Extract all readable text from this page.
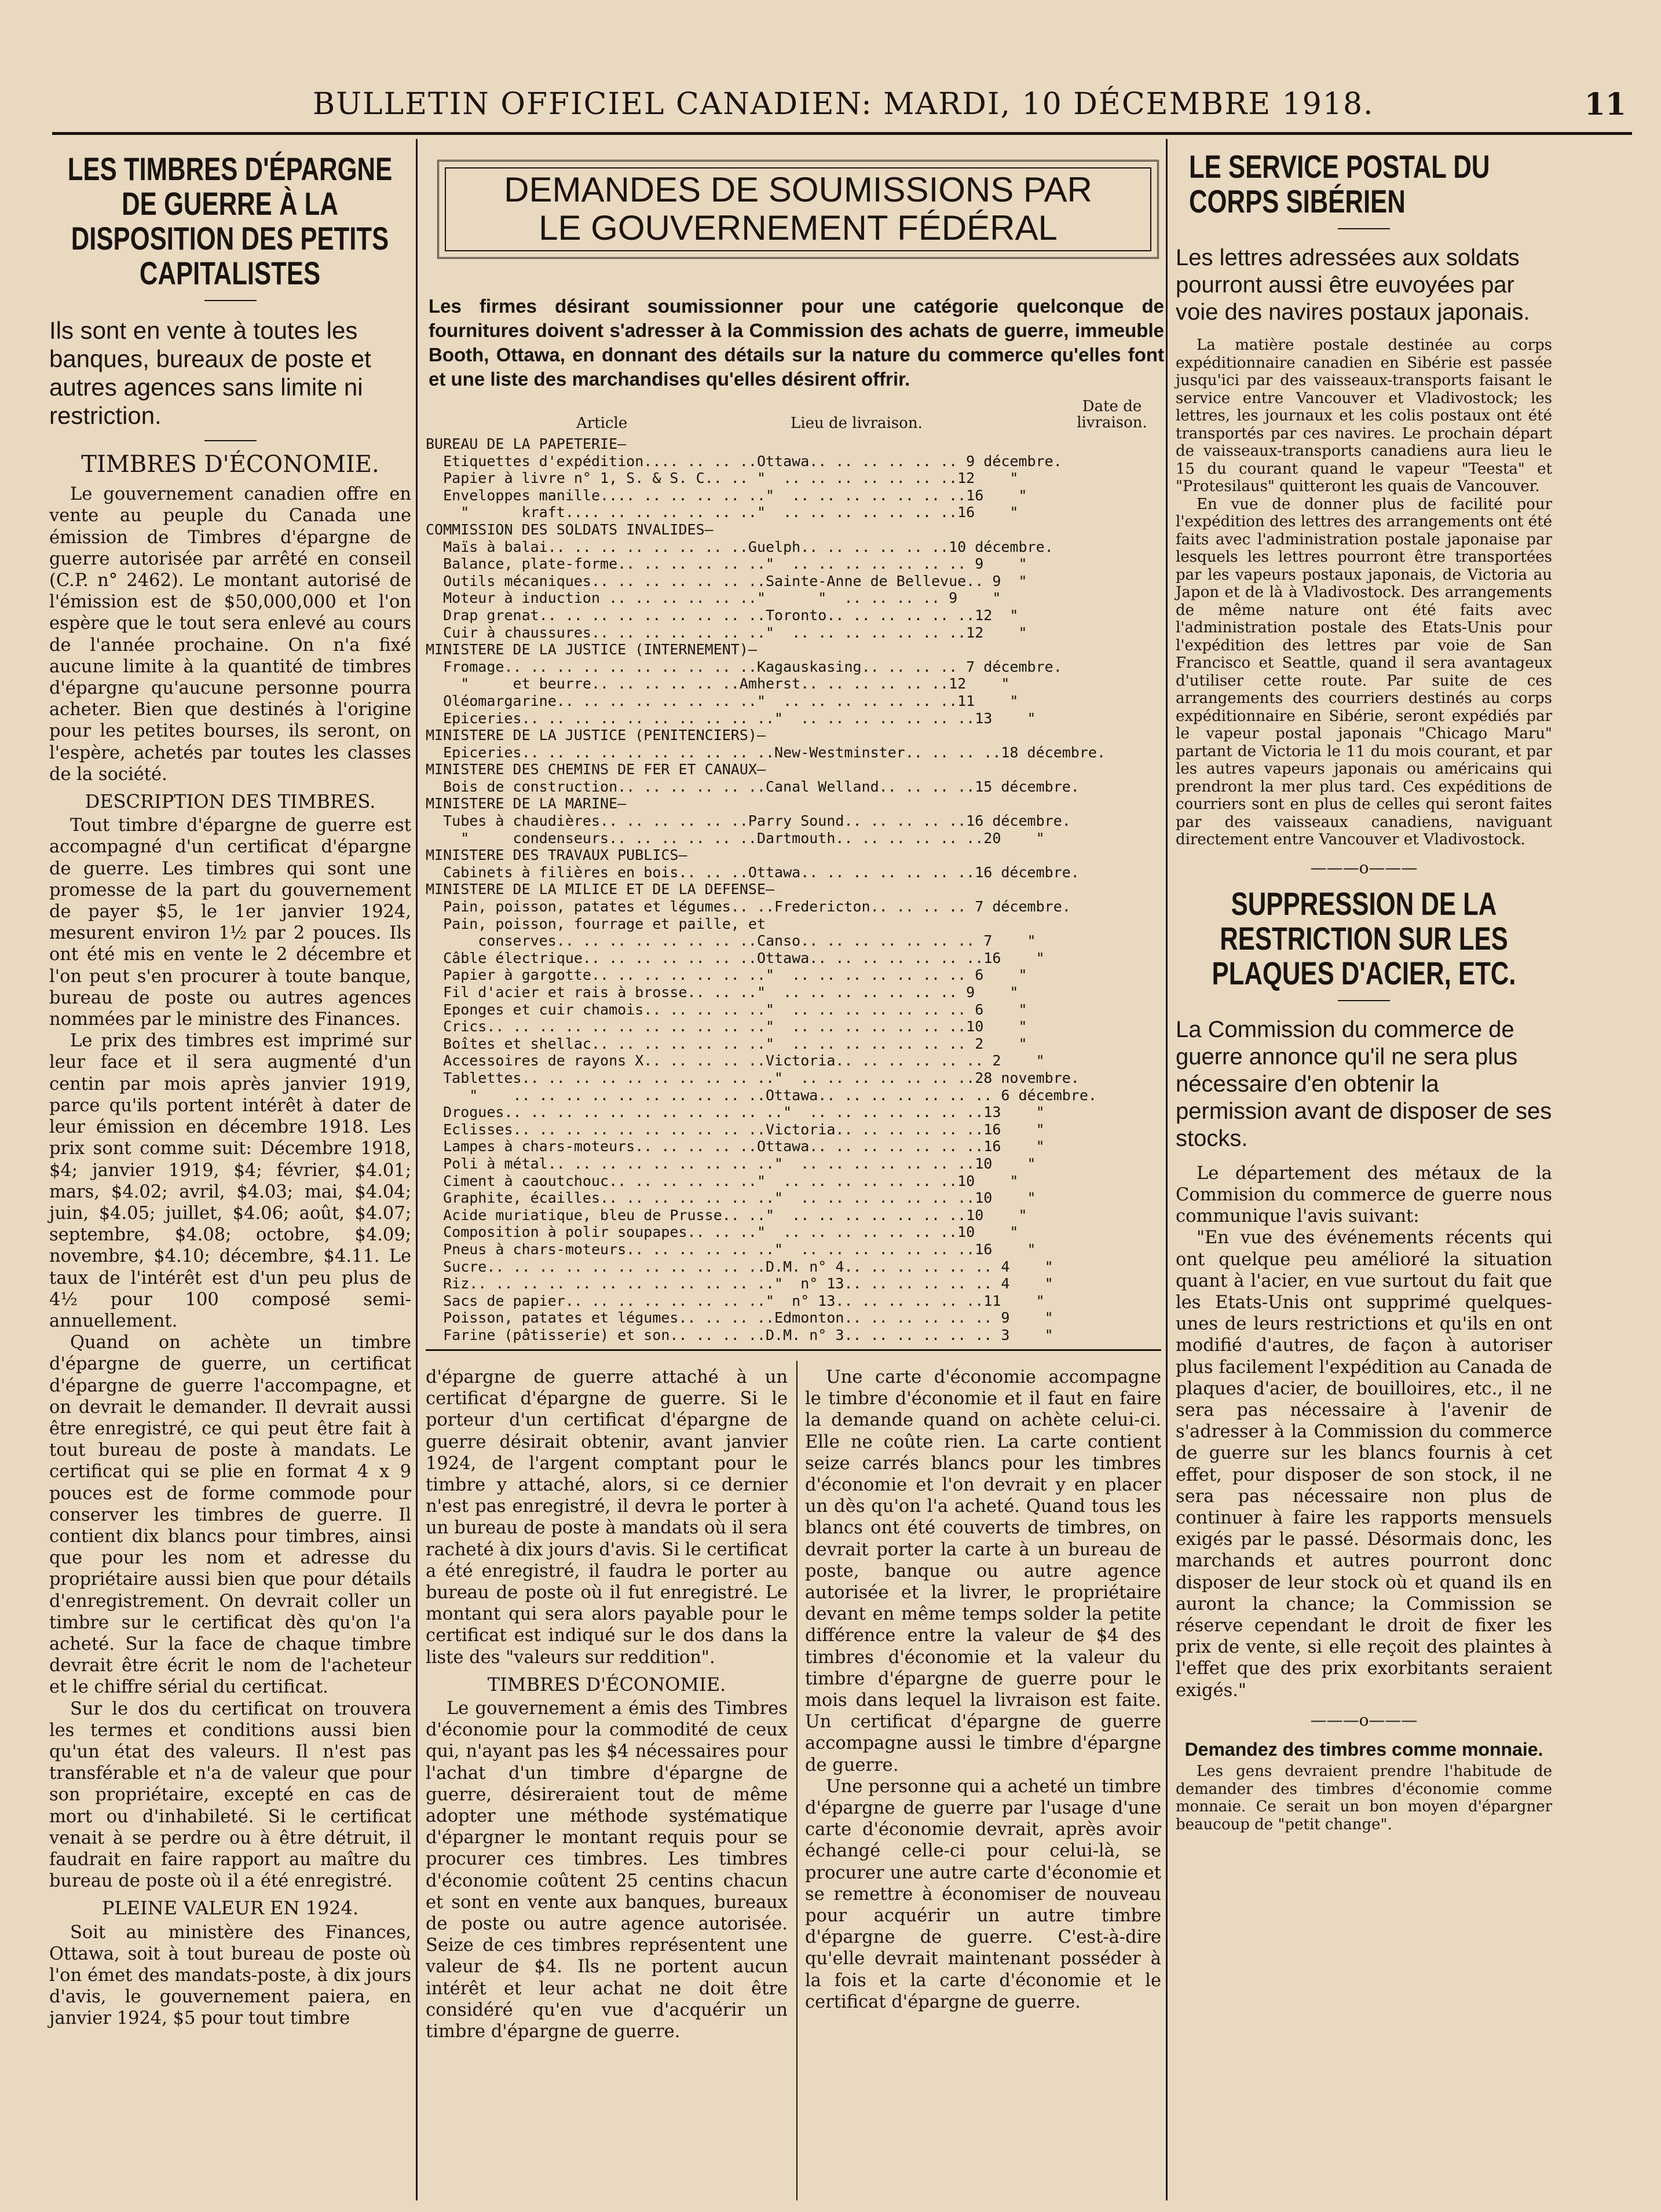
BULLETIN OFFICIEL CANADIEN: MARDI, 10 DÉCEMBRE 1918.	11
LES TIMBRES D'ÉPARGNE DE GUERRE À LA DISPOSITION DES PETITS CAPITALISTES
Ils sont en vente à toutes les banques, bureaux de poste et autres agences sans limite ni restriction.
TIMBRES D'ÉCONOMIE.

Le gouvernement canadien offre en vente au peuple du Canada une émission de Timbres d'épargne de guerre autorisée par arrêté en conseil (C.P. n° 2462). Le montant autorisé de l'émission est de $50,000,000 et l'on espère que le tout sera enlevé au cours de l'année prochaine. On n'a fixé aucune limite à la quantité de timbres d'épargne qu'aucune personne pourra acheter. Bien que destinés à l'origine pour les petites bourses, ils seront, on l'espère, achetés par toutes les classes de la société.

DESCRIPTION DES TIMBRES.

Tout timbre d'épargne de guerre est accompagné d'un certificat d'épargne de guerre. Les timbres qui sont une promesse de la part du gouvernement de payer $5, le 1er janvier 1924, mesurent environ 1½ par 2 pouces. Ils ont été mis en vente le 2 décembre et l'on peut s'en procurer à toute banque, bureau de poste ou autres agences nommées par le ministre des Finances.

Le prix des timbres est imprimé sur leur face et il sera augmenté d'un centin par mois après janvier 1919, parce qu'ils portent intérêt à dater de leur émission en décembre 1918. Les prix sont comme suit: Décembre 1918, $4; janvier 1919, $4; février, $4.01; mars, $4.02; avril, $4.03; mai, $4.04; juin, $4.05; juillet, $4.06; août, $4.07; septembre, $4.08; octobre, $4.09; novembre, $4.10; décembre, $4.11. Le taux de l'intérêt est d'un peu plus de 4½ pour 100 composé semi-annuellement.

Quand on achète un timbre d'épargne de guerre, un certificat d'épargne de guerre l'accompagne, et on devrait le demander. Il devrait aussi être enregistré, ce qui peut être fait à tout bureau de poste à mandats. Le certificat qui se plie en format 4 x 9 pouces est de forme commode pour conserver les timbres de guerre. Il contient dix blancs pour timbres, ainsi que pour les nom et adresse du propriétaire aussi bien que pour détails d'enregistrement. On devrait coller un timbre sur le certificat dès qu'on l'a acheté. Sur la face de chaque timbre devrait être écrit le nom de l'acheteur et le chiffre sérial du certificat.

Sur le dos du certificat on trouvera les termes et conditions aussi bien qu'un état des valeurs. Il n'est pas transférable et n'a de valeur que pour son propriétaire, excepté en cas de mort ou d'inhabileté. Si le certificat venait à se perdre ou à être détruit, il faudrait en faire rapport au maître du bureau de poste où il a été enregistré.

PLEINE VALEUR EN 1924.

Soit au ministère des Finances, Ottawa, soit à tout bureau de poste où l'on émet des mandats-poste, à dix jours d'avis, le gouvernement paiera, en janvier 1924, $5 pour tout timbre

DEMANDES DE SOUMISSIONS PAR
LE GOUVERNEMENT FÉDÉRAL
Les firmes désirant soumissionner pour une catégorie quelconque de fournitures doivent s'adresser à la Commission des achats de guerre, immeuble Booth, Ottawa, en donnant des détails sur la nature du commerce qu'elles font et une liste des marchandises qu'elles désirent offrir.
Article	Lieu de livraison.
Date de livraison.
BUREAU DE LA PAPETERIE—
Etiquettes d'expédition.... .. .. ..Ottawa.. .. .. .. .. .. 9 décembre.
Papier à livre n° 1, S. & S. C.. .. "  .. .. .. .. .. .. ..12    "
Enveloppes manille.... .. .. .. .. .."  .. .. .. .. .. .. ..16    "
"      kraft.... .. .. .. .. .. .."  .. .. .. .. .. .. ..16    "
COMMISSION DES SOLDATS INVALIDES—
Maïs à balai.. .. .. .. .. .. .. ..Guelph.. .. .. .. .. ..10 décembre.
Balance, plate-forme.. .. .. .. .. .."  .. .. .. .. .. .. .. 9    "
Outils mécaniques.. .. .. .. .. .. ..Sainte-Anne de Bellevue.. 9  "
Moteur à induction .. .. .. .. .. .."      "  .. .. .. .. 9    "
Drap grenat.. .. .. .. .. .. .. .. ..Toronto.. .. .. .. .. ..12  "
Cuir à chaussures.. .. .. .. .. .. .."  .. .. .. .. .. .. ..12    "
MINISTERE DE LA JUSTICE (INTERNEMENT)—
Fromage.. .. .. .. .. .. .. .. .. ..Kagauskasing.. .. .. .. 7 décembre.
"     et beurre.. .. .. .. .. ..Amherst.. .. .. .. .. ..12    "
Oléomargarine.. .. .. .. .. .. .. .."  .. .. .. .. .. .. ..11    "
Epiceries.. .. .. .. .. .. .. .. .. .."  .. .. .. .. .. .. ..13    "
MINISTERE DE LA JUSTICE (PENITENCIERS)—
Epiceries.. .. .. .. .. .. .. .. .. ..New-Westminster.. .. .. ..18 décembre.
MINISTERE DES CHEMINS DE FER ET CANAUX—
Bois de construction.. .. .. .. .. ..Canal Welland.. .. .. ..15 décembre.
MINISTERE DE LA MARINE—
Tubes à chaudières.. .. .. .. .. ..Parry Sound.. .. .. .. ..16 décembre.
"     condenseurs.. .. .. .. .. ..Dartmouth.. .. .. .. .. ..20    "
MINISTERE DES TRAVAUX PUBLICS—
Cabinets à filières en bois.. .. ..Ottawa.. .. .. .. .. .. ..16 décembre.
MINISTERE DE LA MILICE ET DE LA DEFENSE—
Pain, poisson, patates et légumes.. ..Fredericton.. .. .. .. 7 décembre.
Pain, poisson, fourrage et paille, et
conserves.. .. .. .. .. .. .. ..Canso.. .. .. .. .. .. .. 7    "
Câble électrique.. .. .. .. .. .. ..Ottawa.. .. .. .. .. .. ..16    "
Papier à gargotte.. .. .. .. .. .. .."  .. .. .. .. .. .. .. 6    "
Fil d'acier et rais à brosse.. .. .."  .. .. .. .. .. .. .. 9    "
Eponges et cuir chamois.. .. .. .. .."  .. .. .. .. .. .. .. 6    "
Crics.. .. .. .. .. .. .. .. .. .. .."  .. .. .. .. .. .. ..10    "
Boîtes et shellac.. .. .. .. .. .. .."  .. .. .. .. .. .. .. 2    "
Accessoires de rayons X.. .. .. .. ..Victoria.. .. .. .. .. .. 2    "
Tablettes.. .. .. .. .. .. .. .. .. .."  .. .. .. .. .. .. ..28 novembre.
"    .. .. .. .. .. .. .. .. .. ..Ottawa.. .. .. .. .. .. .. 6 décembre.
Drogues.. .. .. .. .. .. .. .. .. .. .."  .. .. .. .. .. .. ..13    "
Eclisses.. .. .. .. .. .. .. .. .. ..Victoria.. .. .. .. .. ..16    "
Lampes à chars-moteurs.. .. .. .. ..Ottawa.. .. .. .. .. .. ..16    "
Poli à métal.. .. .. .. .. .. .. .. .."  .. .. .. .. .. .. ..10    "
Ciment à caoutchouc.. .. .. .. .. .."  .. .. .. .. .. .. ..10    "
Graphite, écailles.. .. .. .. .. .. .."  .. .. .. .. .. .. ..10    "
Acide muriatique, bleu de Prusse.. .."  .. .. .. .. .. .. ..10    "
Composition à polir soupapes.. .. .."  .. .. .. .. .. .. ..10    "
Pneus à chars-moteurs.. .. .. .. .. .."  .. .. .. .. .. .. ..16    "
Sucre.. .. .. .. .. .. .. .. .. .. ..D.M. n° 4.. .. .. .. .. .. 4    "
Riz.. .. .. .. .. .. .. .. .. .. .. .."  n° 13.. .. .. .. .. .. 4    "
Sacs de papier.. .. .. .. .. .. .. .."  n° 13.. .. .. .. .. ..11    "
Poisson, patates et légumes.. .. .. ..Edmonton.. .. .. .. .. .. 9    "
Farine (pâtisserie) et son.. .. .. ..D.M. n° 3.. .. .. .. .. .. 3    "

d'épargne de guerre attaché à un certificat d'épargne de guerre. Si le porteur d'un certificat d'épargne de guerre désirait obtenir, avant janvier 1924, de l'argent comptant pour le timbre y attaché, alors, si ce dernier n'est pas enregistré, il devra le porter à un bureau de poste à mandats où il sera racheté à dix jours d'avis. Si le certificat a été enregistré, il faudra le porter au bureau de poste où il fut enregistré. Le montant qui sera alors payable pour le certificat est indiqué sur le dos dans la liste des "valeurs sur reddition".

TIMBRES D'ÉCONOMIE.

Le gouvernement a émis des Timbres d'économie pour la commodité de ceux qui, n'ayant pas les $4 nécessaires pour l'achat d'un timbre d'épargne de guerre, désireraient tout de même adopter une méthode systématique d'épargner le montant requis pour se procurer ces timbres. Les timbres d'économie coûtent 25 centins chacun et sont en vente aux banques, bureaux de poste ou autre agence autorisée. Seize de ces timbres représentent une valeur de $4. Ils ne portent aucun intérêt et leur achat ne doit être considéré qu'en vue d'acquérir un timbre d'épargne de guerre.

Une carte d'économie accompagne le timbre d'économie et il faut en faire la demande quand on achète celui-ci. Elle ne coûte rien. La carte contient seize carrés blancs pour les timbres d'économie et l'on devrait y en placer un dès qu'on l'a acheté. Quand tous les blancs ont été couverts de timbres, on devrait porter la carte à un bureau de poste, banque ou autre agence autorisée et la livrer, le propriétaire devant en même temps solder la petite différence entre la valeur de $4 des timbres d'économie et la valeur du timbre d'épargne de guerre pour le mois dans lequel la livraison est faite. Un certificat d'épargne de guerre accompagne aussi le timbre d'épargne de guerre.

Une personne qui a acheté un timbre d'épargne de guerre par l'usage d'une carte d'économie devrait, après avoir échangé celle-ci pour celui-là, se procurer une autre carte d'économie et se remettre à économiser de nouveau pour acquérir un autre timbre d'épargne de guerre. C'est-à-dire qu'elle devrait maintenant posséder à la fois et la carte d'économie et le certificat d'épargne de guerre.

LE SERVICE POSTAL DU CORPS SIBÉRIEN
Les lettres adressées aux soldats pourront aussi être euvoyées par voie des navires postaux japonais.

La matière postale destinée au corps expéditionnaire canadien en Sibérie est passée jusqu'ici par des vaisseaux-transports faisant le service entre Vancouver et Vladivostock; les lettres, les journaux et les colis postaux ont été transportés par ces navires. Le prochain départ de vaisseaux-transports canadiens aura lieu le 15 du courant quand le vapeur "Teesta" et "Protesilaus" quitteront les quais de Vancouver.

En vue de donner plus de facilité pour l'expédition des lettres des arrangements ont été faits avec l'administration postale japonaise par lesquels les lettres pourront être transportées par les vapeurs postaux japonais, de Victoria au Japon et de là à Vladivostock. Des arrangements de même nature ont été faits avec l'administration postale des Etats-Unis pour l'expédition des lettres par voie de San Francisco et Seattle, quand il sera avantageux d'utiliser cette route. Par suite de ces arrangements des courriers destinés au corps expéditionnaire en Sibérie, seront expédiés par le vapeur postal japonais "Chicago Maru" partant de Victoria le 11 du mois courant, et par les autres vapeurs japonais ou américains qui prendront la mer plus tard. Ces expéditions de courriers sont en plus de celles qui seront faites par des vaisseaux canadiens, naviguant directement entre Vancouver et Vladivostock.

———o———
SUPPRESSION DE LA RESTRICTION SUR LES PLAQUES D'ACIER, ETC.
La Commission du commerce de guerre annonce qu'il ne sera plus nécessaire d'en obtenir la permission avant de disposer de ses stocks.

Le département des métaux de la Commision du commerce de guerre nous communique l'avis suivant:

"En vue des événements récents qui ont quelque peu amélioré la situation quant à l'acier, en vue surtout du fait que les Etats-Unis ont supprimé quelques-unes de leurs restrictions et qu'ils en ont modifié d'autres, de façon à autoriser plus facilement l'expédition au Canada de plaques d'acier, de bouilloires, etc., il ne sera pas nécessaire à l'avenir de s'adresser à la Commission du commerce de guerre sur les blancs fournis à cet effet, pour disposer de son stock, il ne sera pas nécessaire non plus de continuer à faire les rapports mensuels exigés par le passé. Désormais donc, les marchands et autres pourront donc disposer de leur stock où et quand ils en auront la chance; la Commission se réserve cependant le droit de fixer les prix de vente, si elle reçoit des plaintes à l'effet que des prix exorbitants seraient exigés."

———o———
Demandez des timbres comme monnaie.

Les gens devraient prendre l'habitude de demander des timbres d'économie comme monnaie. Ce serait un bon moyen d'épargner beaucoup de "petit change".
